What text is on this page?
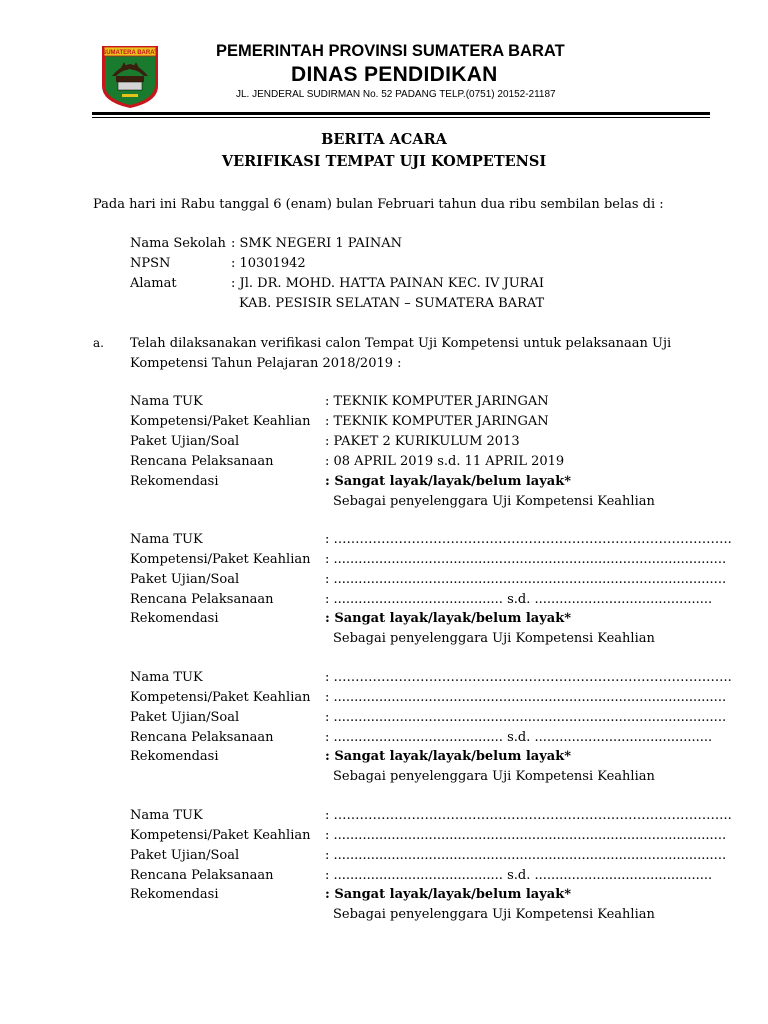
SUMATERA BARAT	PEMERINTAH PROVINSI SUMATERA BARAT
DINAS PENDIDIKAN
JL. JENDERAL SUDIRMAN No. 52 PADANG TELP.(0751) 20152-21187
BERITA ACARA
VERIFIKASI TEMPAT UJI KOMPETENSI
Pada hari ini Rabu tanggal 6 (enam) bulan Februari tahun dua ribu sembilan belas di :
Nama Sekolah : SMK NEGERI 1 PAINAN
NPSN	: 10301942
Alamat	: Jl. DR. MOHD. HATTA PAINAN KEC. IV JURAI
KAB. PESISIR SELATAN – SUMATERA BARAT
a. Telah dilaksanakan verifikasi calon Tempat Uji Kompetensi untuk pelaksanaan Uji
Kompetensi Tahun Pelajaran 2018/2019 :
Nama TUK	: TEKNIK KOMPUTER JARINGAN
Kompetensi/Paket Keahlian : TEKNIK KOMPUTER JARINGAN
Paket Ujian/Soal	: PAKET 2 KURIKULUM 2013
Rencana Pelaksanaan	: 08 APRIL 2019 s.d. 11 APRIL 2019
Rekomendasi	: Sangat layak/layak/belum layak*
Sebagai penyelenggara Uji Kompetensi Keahlian
Nama TUK	: ………………………………………………………………………………..
Kompetensi/Paket Keahlian : ...............................................................................................
Paket Ujian/Soal	: ...............................................................................................
Rencana Pelaksanaan	: ......................................... s.d. ...........................................
Rekomendasi	: Sangat layak/layak/belum layak*
Sebagai penyelenggara Uji Kompetensi Keahlian
Nama TUK	: ………………………………………………………………………………..
Kompetensi/Paket Keahlian : ...............................................................................................
Paket Ujian/Soal	: ...............................................................................................
Rencana Pelaksanaan	: ......................................... s.d. ...........................................
Rekomendasi	: Sangat layak/layak/belum layak*
Sebagai penyelenggara Uji Kompetensi Keahlian
Nama TUK	: ………………………………………………………………………………..
Kompetensi/Paket Keahlian : ...............................................................................................
Paket Ujian/Soal	: ...............................................................................................
Rencana Pelaksanaan	: ......................................... s.d. ...........................................
Rekomendasi	: Sangat layak/layak/belum layak*
Sebagai penyelenggara Uji Kompetensi Keahlian
